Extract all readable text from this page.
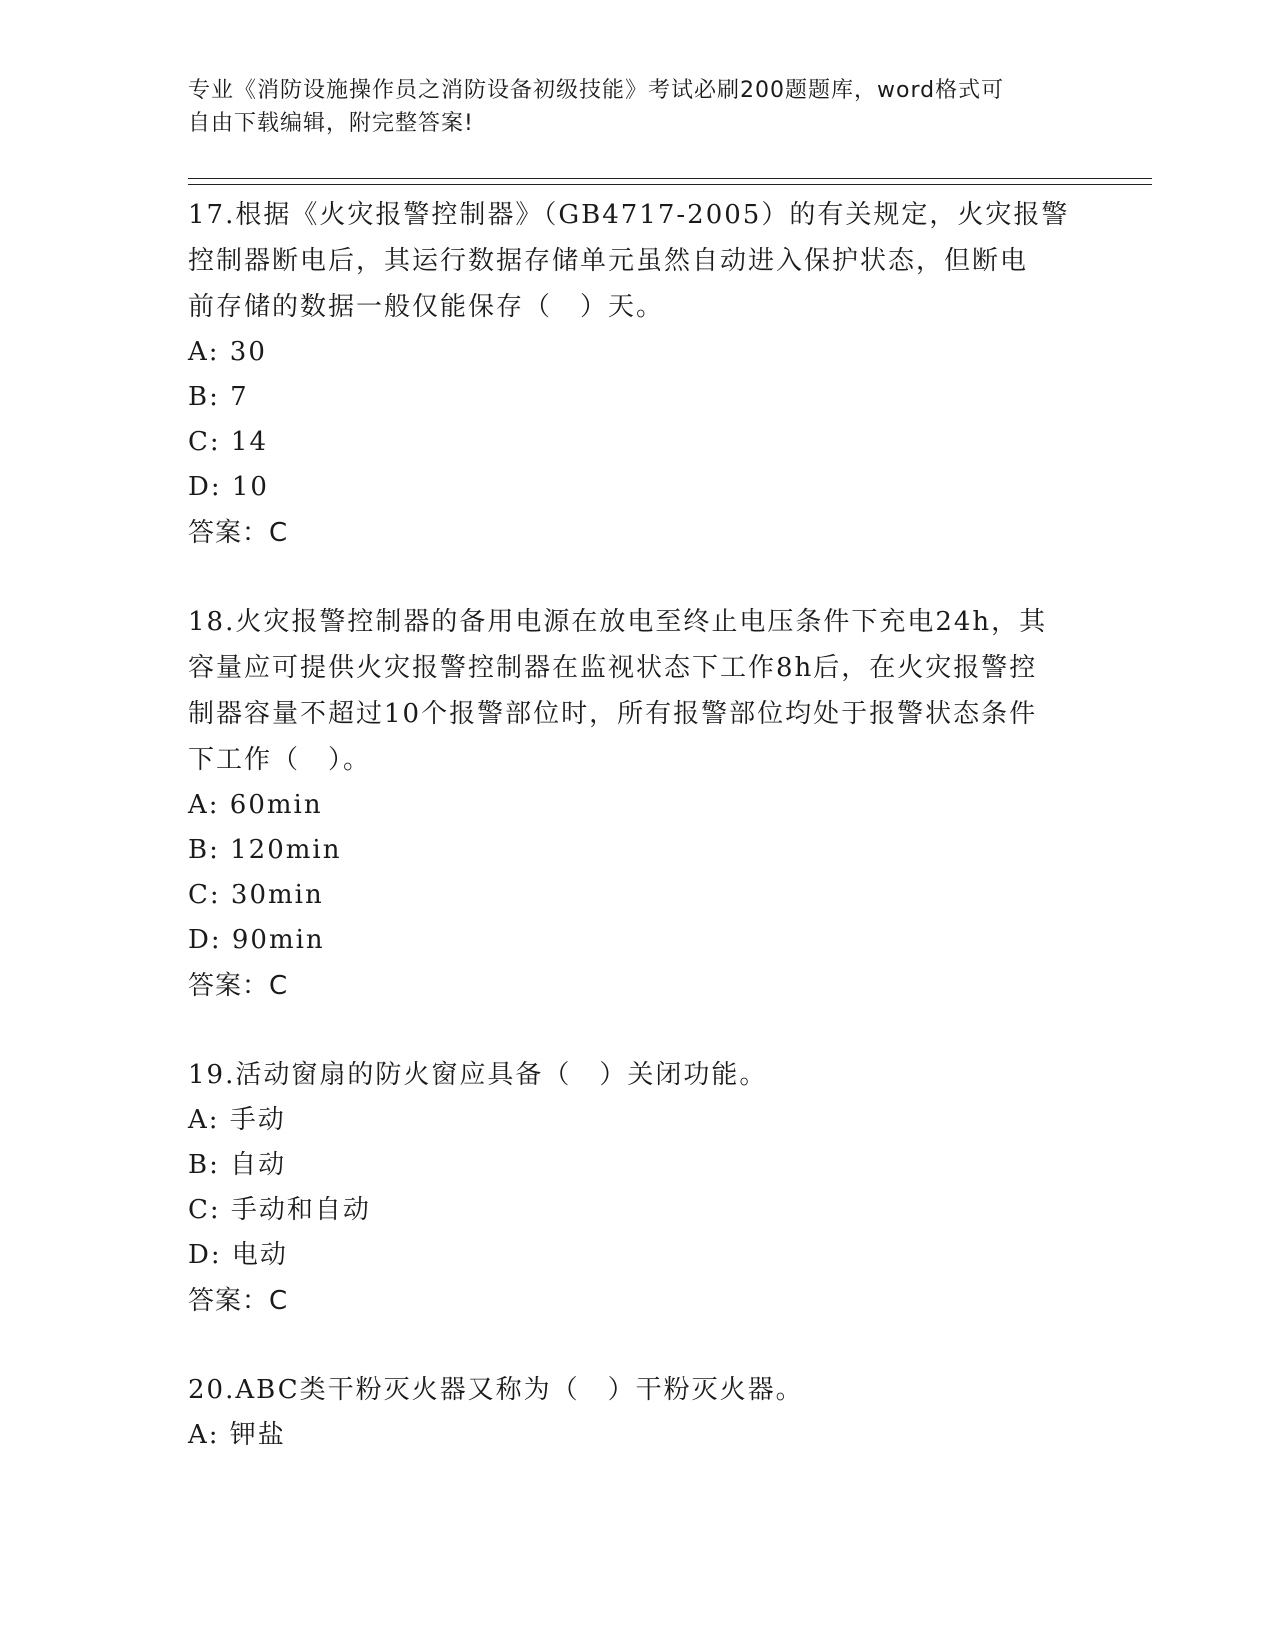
专业《消防设施操作员之消防设备初级技能》考试必刷200题题库，word格式可
自由下载编辑，附完整答案!

17.根据《火灾报警控制器》（GB4717-2005）的有关规定，火灾报警

控制器断电后，其运行数据存储单元虽然自动进入保护状态，但断电

前存储的数据一般仅能保存（　）天。

A: 30

B: 7

C: 14

D: 10

答案：C

18.火灾报警控制器的备用电源在放电至终止电压条件下充电24h，其

容量应可提供火灾报警控制器在监视状态下工作8h后，在火灾报警控

制器容量不超过10个报警部位时，所有报警部位均处于报警状态条件

下工作（　）。

A: 60min

B: 120min

C: 30min

D: 90min

答案：C

19.活动窗扇的防火窗应具备（　）关闭功能。

A: 手动

B: 自动

C: 手动和自动

D: 电动

答案：C

20.ABC类干粉灭火器又称为（　）干粉灭火器。

A: 钾盐
